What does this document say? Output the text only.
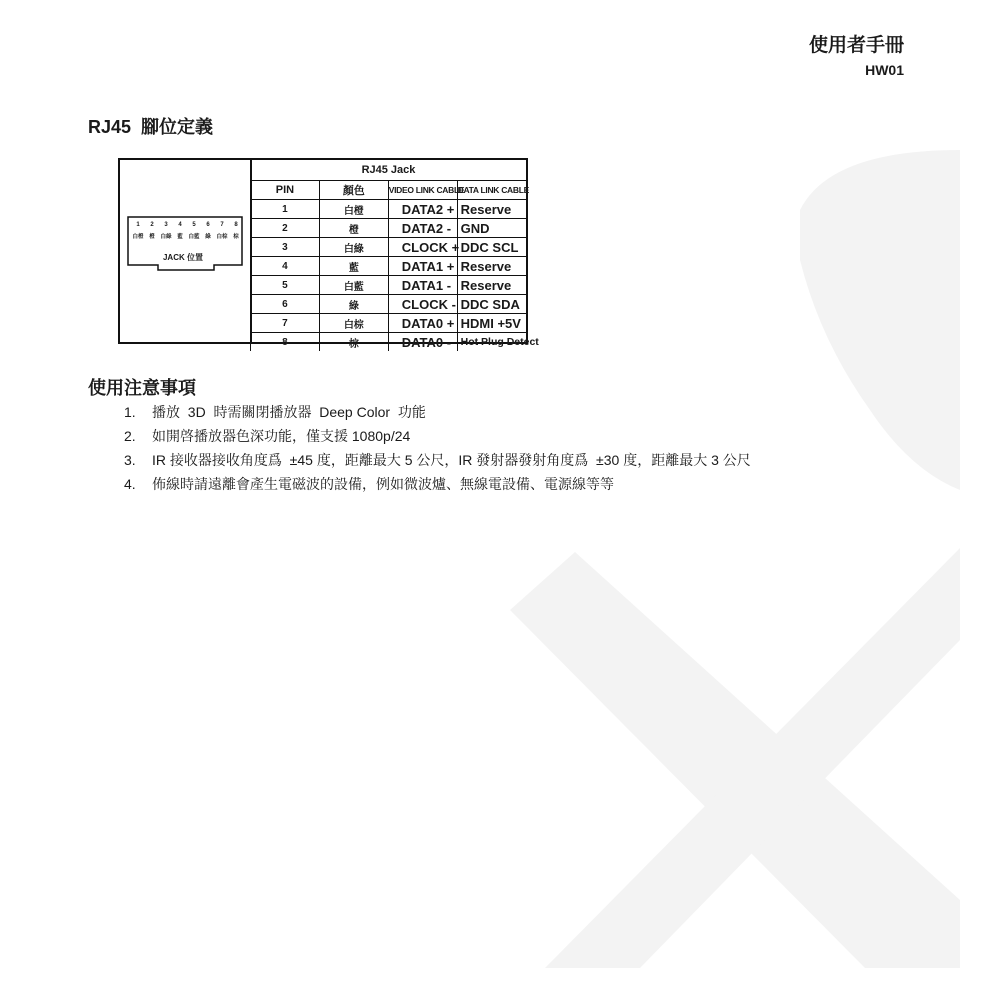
使用者手冊
HW01
RJ45  腳位定義
1
白橙
2
橙
3
白綠
4
藍
5
白藍
6
綠
7
白棕
8
棕
JACK 位置
RJ45 Jack			
PIN	顏色	VIDEO LINK CABLE	DATA LINK CABLE
1	白橙	DATA2 +	Reserve
2	橙	DATA2 -	GND
3	白綠	CLOCK +	DDC SCL
4	藍	DATA1 +	Reserve
5	白藍	DATA1 -	Reserve
6	綠	CLOCK -	DDC SDA
7	白棕	DATA0 +	HDMI +5V
8	棕	DATA0 -	Hot Plug Detect
使用注意事項
1. 播放  3D  時需關閉播放器  Deep Color  功能
2. 如開啓播放器色深功能，僅支援 1080p/24
3. IR 接收器接收角度爲  ±45 度，距離最大 5 公尺，IR 發射器發射角度爲  ±30 度，距離最大 3 公尺
4. 佈線時請遠離會產生電磁波的設備，例如微波爐、無線電設備、電源線等等
